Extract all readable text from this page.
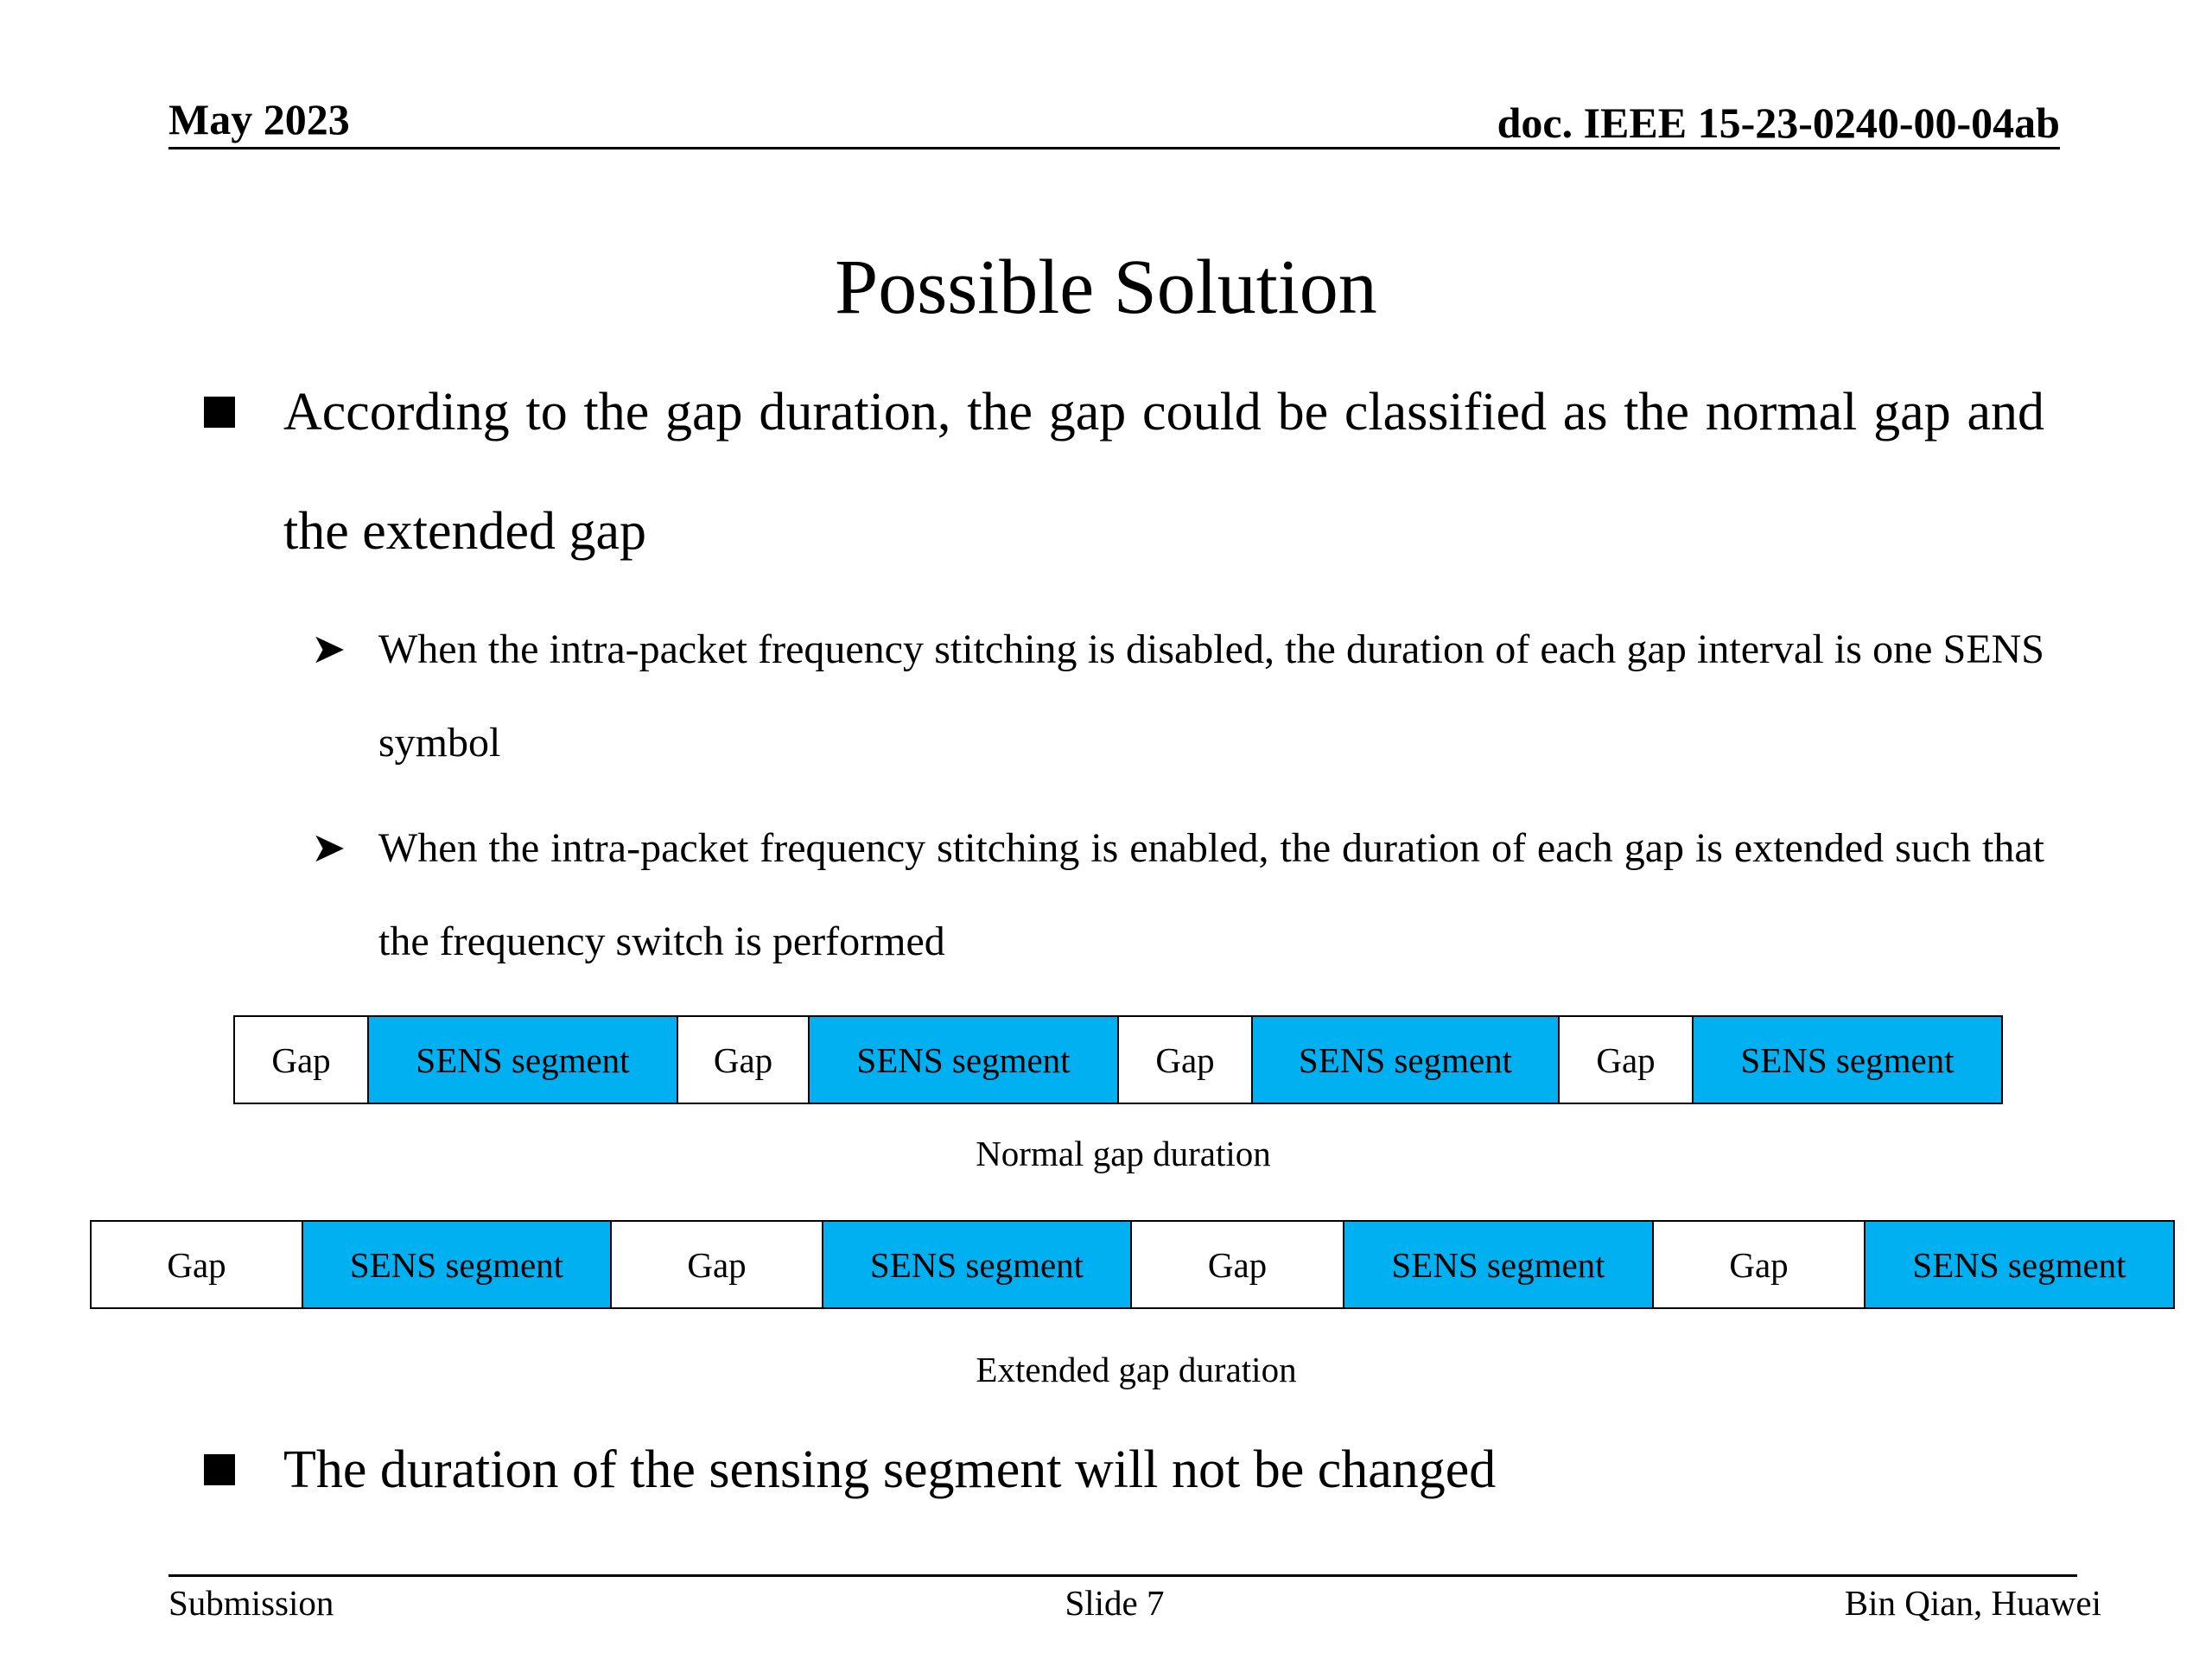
May 2023	doc. IEEE 15-23-0240-00-04ab
Possible Solution
According to the gap duration, the gap could be classified as the normal gap and the extended gap
➤ When the intra-packet frequency stitching is disabled, the duration of each gap interval is one SENS symbol
➤ When the intra-packet frequency stitching is enabled, the duration of each gap is extended such that the frequency switch is performed
Gap	SENS segment	Gap	SENS segment	Gap	SENS segment	Gap	SENS segment
Normal gap duration
Gap	SENS segment	Gap	SENS segment	Gap	SENS segment	Gap	SENS segment
Extended gap duration
The duration of the sensing segment will not be changed
Submission	Slide 7	Bin Qian, Huawei
